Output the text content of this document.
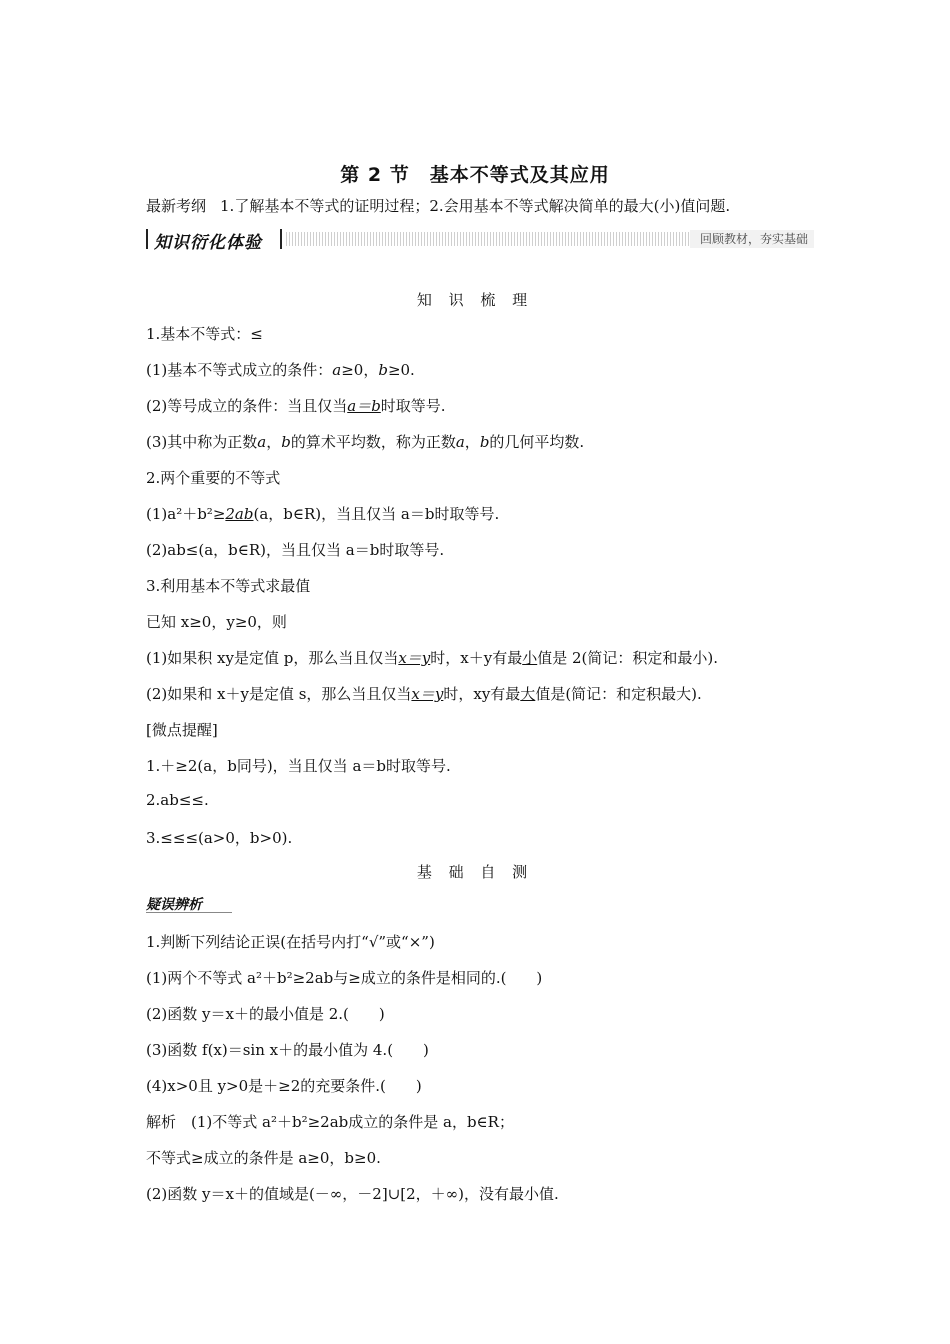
第 2 节　基本不等式及其应用
最新考纲 1.了解基本不等式的证明过程；2.会用基本不等式解决简单的最大(小)值问题.
知识衍化体验	回顾教材，夯实基础
知 识 梳 理
1.基本不等式：≤
(1)基本不等式成立的条件：a≥0，b≥0.
(2)等号成立的条件：当且仅当a＝b时取等号.
(3)其中称为正数a，b的算术平均数，称为正数a，b的几何平均数.
2.两个重要的不等式
(1)a²＋b²≥2ab(a，b∈R)，当且仅当 a＝b时取等号.
(2)ab≤(a，b∈R)，当且仅当 a＝b时取等号.
3.利用基本不等式求最值
已知 x≥0，y≥0，则
(1)如果积 xy是定值 p，那么当且仅当x＝y时，x＋y有最小值是 2(简记：积定和最小).
(2)如果和 x＋y是定值 s，那么当且仅当x＝y时，xy有最大值是(简记：和定积最大).
[微点提醒]
1.＋≥2(a，b同号)，当且仅当 a＝b时取等号.
2.ab≤≤.
3.≤≤≤(a>0，b>0).
基 础 自 测
疑误辨析
1.判断下列结论正误(在括号内打“√”或“×”)
(1)两个不等式 a²＋b²≥2ab与≥成立的条件是相同的.(　　)
(2)函数 y＝x＋的最小值是 2.(　　)
(3)函数 f(x)＝sin x＋的最小值为 4.(　　)
(4)x>0且 y>0是＋≥2的充要条件.(　　)
解析　(1)不等式 a²＋b²≥2ab成立的条件是 a，b∈R；
不等式≥成立的条件是 a≥0，b≥0.
(2)函数 y＝x＋的值域是(－∞，－2]∪[2，＋∞)，没有最小值.
